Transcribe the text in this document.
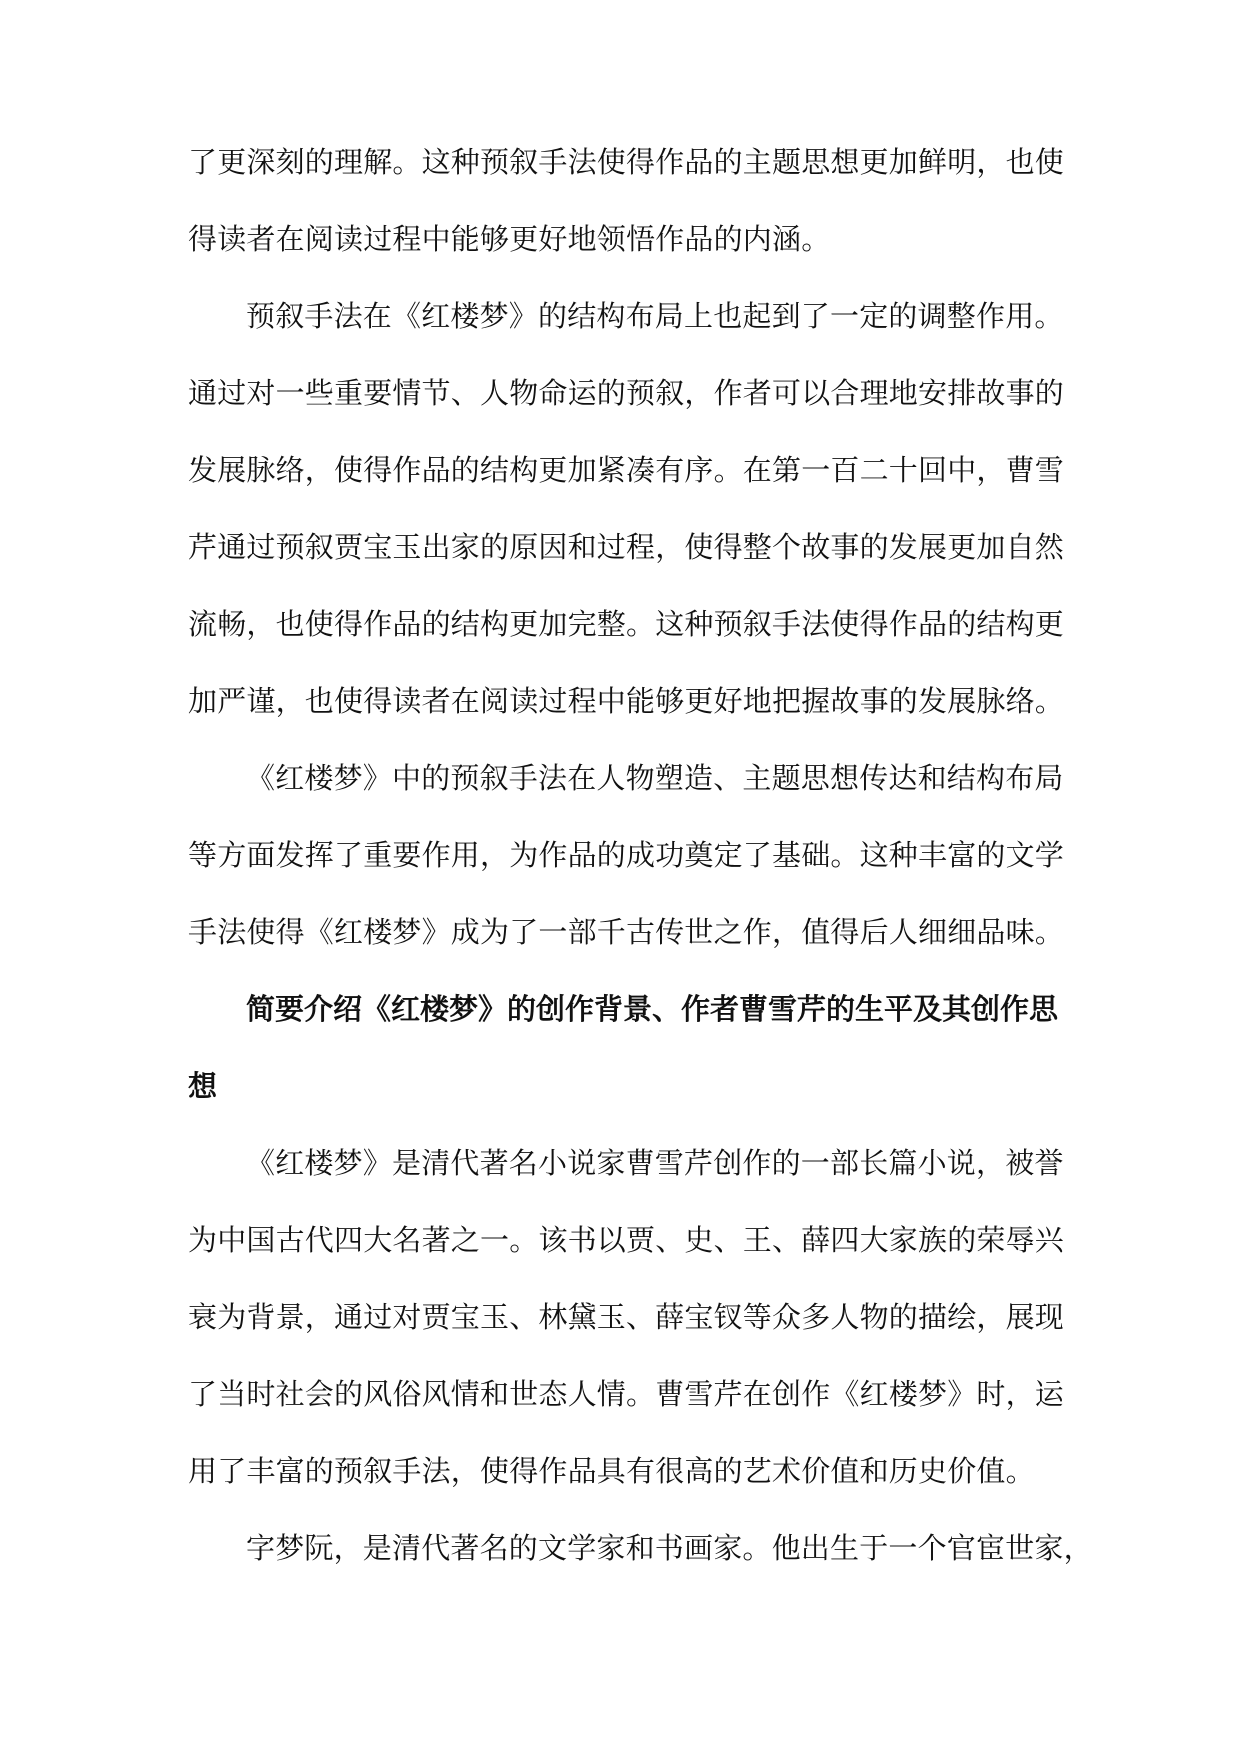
了更深刻的理解。这种预叙手法使得作品的主题思想更加鲜明，也使
得读者在阅读过程中能够更好地领悟作品的内涵。
预叙手法在《红楼梦》的结构布局上也起到了一定的调整作用。
通过对一些重要情节、人物命运的预叙，作者可以合理地安排故事的
发展脉络，使得作品的结构更加紧凑有序。在第一百二十回中，曹雪
芹通过预叙贾宝玉出家的原因和过程，使得整个故事的发展更加自然
流畅，也使得作品的结构更加完整。这种预叙手法使得作品的结构更
加严谨，也使得读者在阅读过程中能够更好地把握故事的发展脉络。
《红楼梦》中的预叙手法在人物塑造、主题思想传达和结构布局
等方面发挥了重要作用，为作品的成功奠定了基础。这种丰富的文学
手法使得《红楼梦》成为了一部千古传世之作，值得后人细细品味。
简要介绍《红楼梦》的创作背景、作者曹雪芹的生平及其创作思
想
《红楼梦》是清代著名小说家曹雪芹创作的一部长篇小说，被誉
为中国古代四大名著之一。该书以贾、史、王、薛四大家族的荣辱兴
衰为背景，通过对贾宝玉、林黛玉、薛宝钗等众多人物的描绘，展现
了当时社会的风俗风情和世态人情。曹雪芹在创作《红楼梦》时，运
用了丰富的预叙手法，使得作品具有很高的艺术价值和历史价值。
字梦阮，是清代著名的文学家和书画家。他出生于一个官宦世家，
